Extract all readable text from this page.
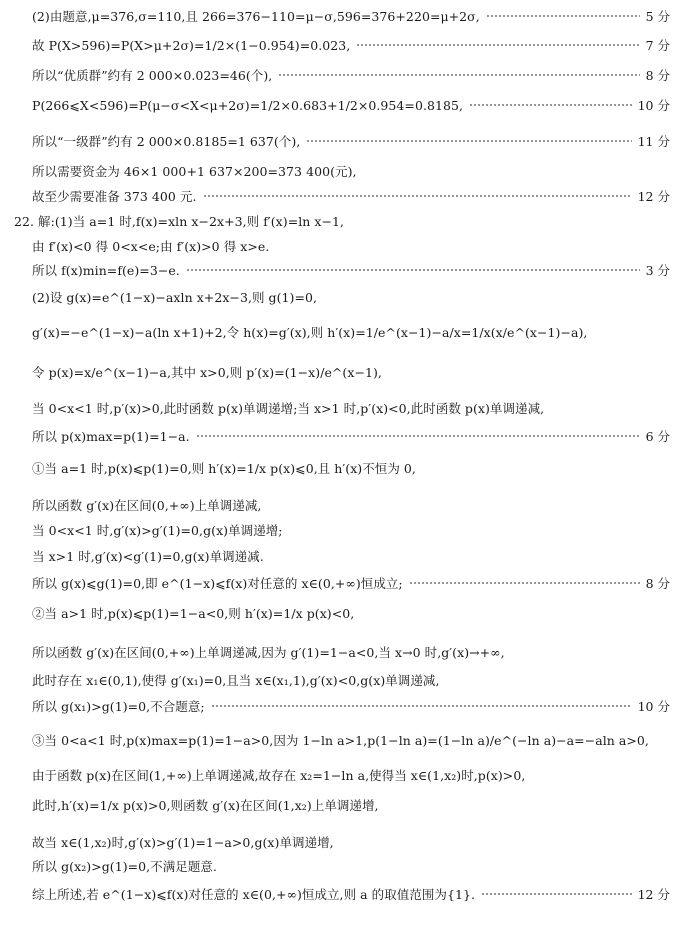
(2)由题意,μ=376,σ=110,且 266=376−110=μ−σ,596=376+220=μ+2σ,	5 分
故 P(X>596)=P(X>μ+2σ)=1/2×(1−0.954)=0.023,	7 分
所以“优质群”约有 2 000×0.023=46(个),	8 分
P(266⩽X<596)=P(μ−σ<X<μ+2σ)=1/2×0.683+1/2×0.954=0.8185,	10 分
所以“一级群”约有 2 000×0.8185=1 637(个),	11 分
所以需要资金为 46×1 000+1 637×200=373 400(元),
故至少需要准备 373 400 元.	12 分
22. 解:(1)当 a=1 时,f(x)=xln x−2x+3,则 f′(x)=ln x−1,
由 f′(x)<0 得 0<x<e;由 f′(x)>0 得 x>e.
所以 f(x)min=f(e)=3−e.	3 分
(2)设 g(x)=e^(1−x)−axln x+2x−3,则 g(1)=0,
g′(x)=−e^(1−x)−a(ln x+1)+2,令 h(x)=g′(x),则 h′(x)=1/e^(x−1)−a/x=1/x(x/e^(x−1)−a),
令 p(x)=x/e^(x−1)−a,其中 x>0,则 p′(x)=(1−x)/e^(x−1),
当 0<x<1 时,p′(x)>0,此时函数 p(x)单调递增;当 x>1 时,p′(x)<0,此时函数 p(x)单调递减,
所以 p(x)max=p(1)=1−a.	6 分
①当 a=1 时,p(x)⩽p(1)=0,则 h′(x)=1/x p(x)⩽0,且 h′(x)不恒为 0,
所以函数 g′(x)在区间(0,+∞)上单调递减,
当 0<x<1 时,g′(x)>g′(1)=0,g(x)单调递增;
当 x>1 时,g′(x)<g′(1)=0,g(x)单调递减.
所以 g(x)⩽g(1)=0,即 e^(1−x)⩽f(x)对任意的 x∈(0,+∞)恒成立;	8 分
②当 a>1 时,p(x)⩽p(1)=1−a<0,则 h′(x)=1/x p(x)<0,
所以函数 g′(x)在区间(0,+∞)上单调递减,因为 g′(1)=1−a<0,当 x→0 时,g′(x)→+∞,
此时存在 x₁∈(0,1),使得 g′(x₁)=0,且当 x∈(x₁,1),g′(x)<0,g(x)单调递减,
所以 g(x₁)>g(1)=0,不合题意;	10 分
③当 0<a<1 时,p(x)max=p(1)=1−a>0,因为 1−ln a>1,p(1−ln a)=(1−ln a)/e^(−ln a)−a=−aln a>0,
由于函数 p(x)在区间(1,+∞)上单调递减,故存在 x₂=1−ln a,使得当 x∈(1,x₂)时,p(x)>0,
此时,h′(x)=1/x p(x)>0,则函数 g′(x)在区间(1,x₂)上单调递增,
故当 x∈(1,x₂)时,g′(x)>g′(1)=1−a>0,g(x)单调递增,
所以 g(x₂)>g(1)=0,不满足题意.
综上所述,若 e^(1−x)⩽f(x)对任意的 x∈(0,+∞)恒成立,则 a 的取值范围为{1}.	12 分
